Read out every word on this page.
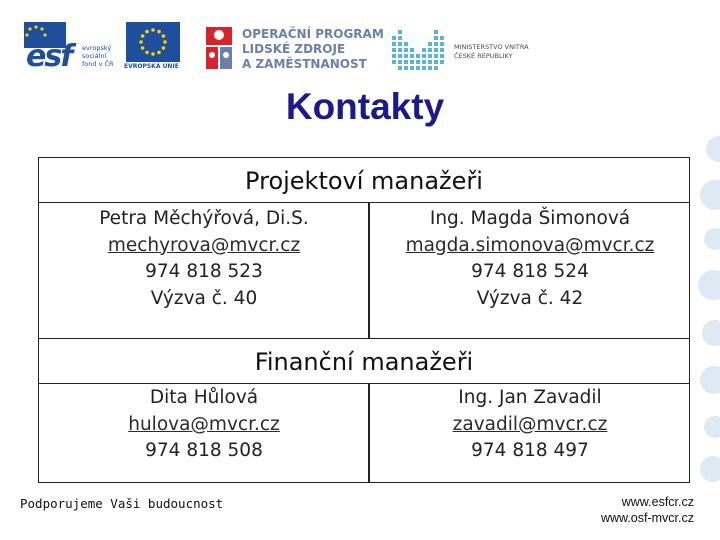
esf evropský
sociální
fond v ČR EVROPSKÁ UNIE
OPERAČNÍ PROGRAM
LIDSKÉ ZDROJE
A ZAMĚSTNANOST
MINISTERSTVO VNITRA
ČESKÉ REPUBLIKY
Kontakty
Projektoví manažeři
Petra Měchýřová, Di.S.
mechyrova@mvcr.cz
974 818 523
Výzva č. 40
Ing. Magda Šimonová
magda.simonova@mvcr.cz
974 818 524
Výzva č. 42
Finanční manažeři
Dita Hůlová
hulova@mvcr.cz
974 818 508
Ing. Jan Zavadil
zavadil@mvcr.cz
974 818 497
Podporujeme Vaši budoucnost	www.esfcr.cz
www.osf-mvcr.cz
